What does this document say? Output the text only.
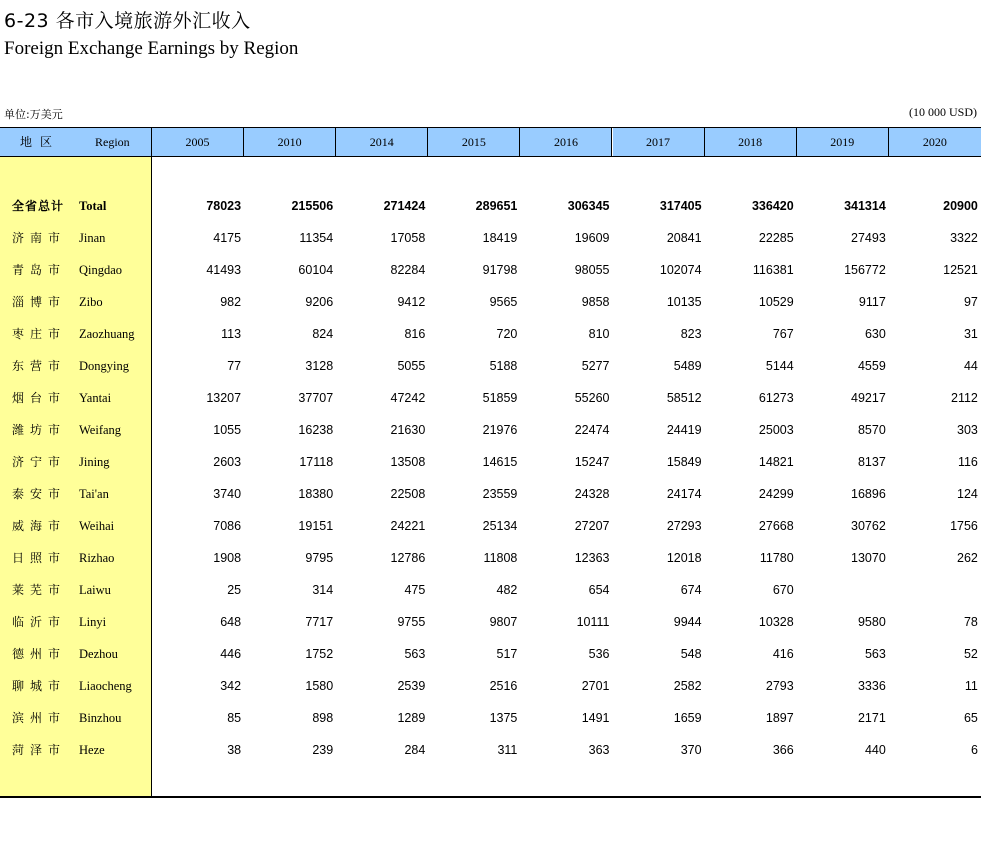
6-23 各市入境旅游外汇收入
Foreign Exchange Earnings by Region
单位:万美元	(10 000 USD)
地区	Region	2005	2010	2014	2015	2016	2017	2018	2019	2020
全省总计 Total	78023	215506	271424	289651	306345	317405	336420	341314	20900
济南市 Jinan	4175	11354	17058	18419	19609	20841	22285	27493	3322
青岛市 Qingdao	41493	60104	82284	91798	98055	102074	116381	156772	12521
淄博市 Zibo	982	9206	9412	9565	9858	10135	10529	9117	97
枣庄市 Zaozhuang	113	824	816	720	810	823	767	630	31
东营市 Dongying	77	3128	5055	5188	5277	5489	5144	4559	44
烟台市 Yantai	13207	37707	47242	51859	55260	58512	61273	49217	2112
潍坊市 Weifang	1055	16238	21630	21976	22474	24419	25003	8570	303
济宁市 Jining	2603	17118	13508	14615	15247	15849	14821	8137	116
泰安市 Tai'an	3740	18380	22508	23559	24328	24174	24299	16896	124
威海市 Weihai	7086	19151	24221	25134	27207	27293	27668	30762	1756
日照市 Rizhao	1908	9795	12786	11808	12363	12018	11780	13070	262
莱芜市 Laiwu	25	314	475	482	654	674	670
临沂市 Linyi	648	7717	9755	9807	10111	9944	10328	9580	78
德州市 Dezhou	446	1752	563	517	536	548	416	563	52
聊城市 Liaocheng	342	1580	2539	2516	2701	2582	2793	3336	11
滨州市 Binzhou	85	898	1289	1375	1491	1659	1897	2171	65
菏泽市 Heze	38	239	284	311	363	370	366	440	6
